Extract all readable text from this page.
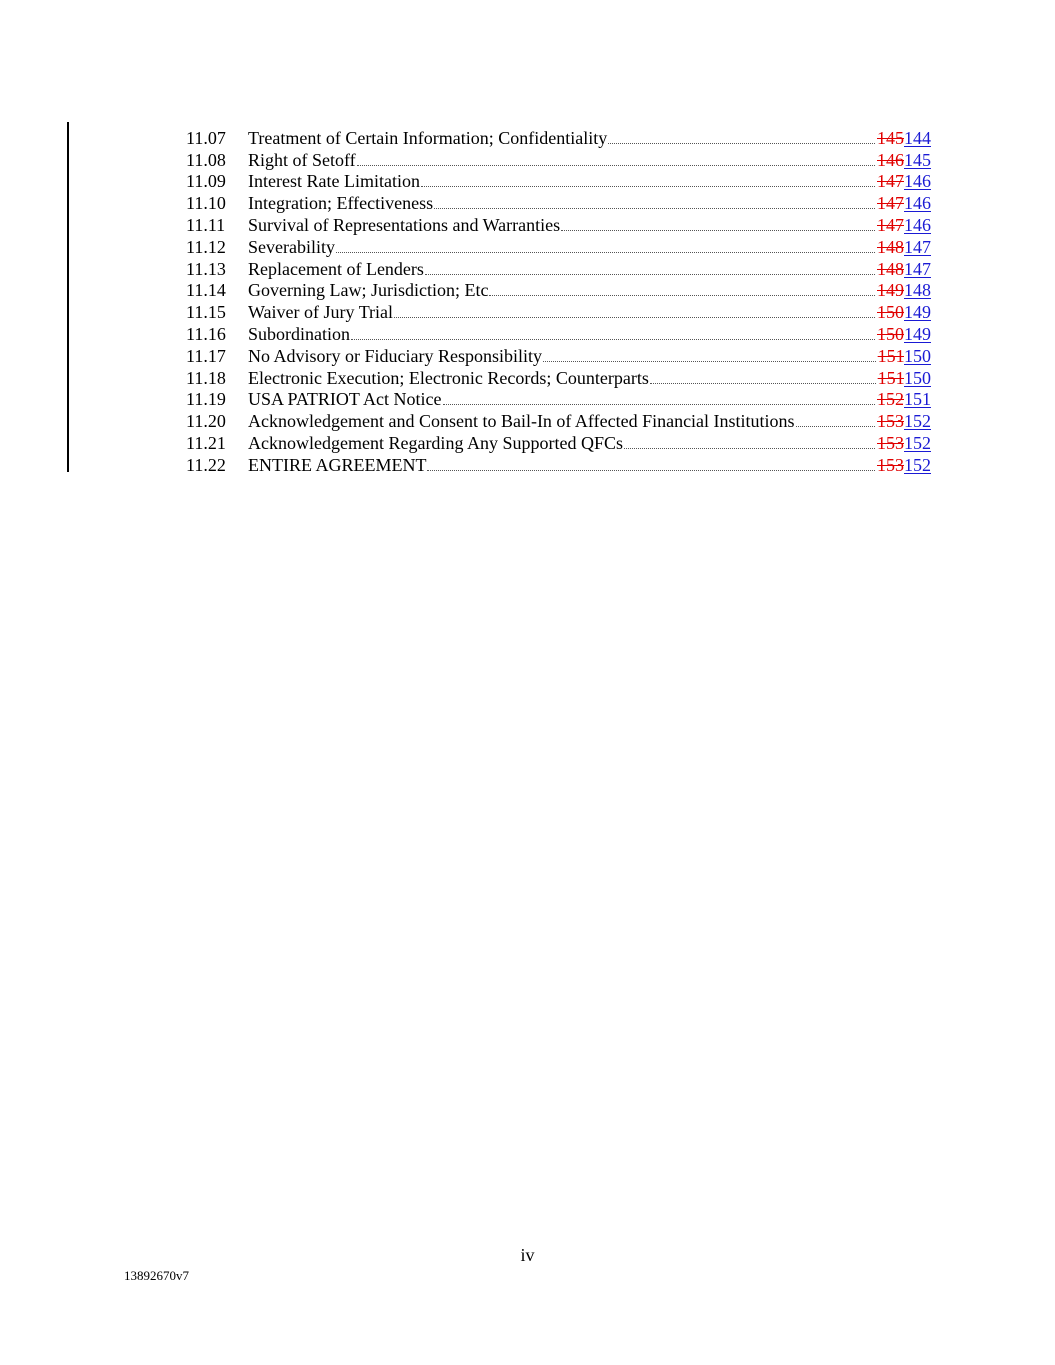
11.07	Treatment of Certain Information; Confidentiality	145144
11.08	Right of Setoff	146145
11.09	Interest Rate Limitation	147146
11.10	Integration; Effectiveness	147146
11.11	Survival of Representations and Warranties	147146
11.12	Severability	148147
11.13	Replacement of Lenders	148147
11.14	Governing Law; Jurisdiction; Etc	149148
11.15	Waiver of Jury Trial	150149
11.16	Subordination	150149
11.17	No Advisory or Fiduciary Responsibility	151150
11.18	Electronic Execution; Electronic Records; Counterparts	151150
11.19	USA PATRIOT Act Notice	152151
11.20	Acknowledgement and Consent to Bail-In of Affected Financial Institutions	153152
11.21	Acknowledgement Regarding Any Supported QFCs	153152
11.22	ENTIRE AGREEMENT	153152
iv
13892670v7
